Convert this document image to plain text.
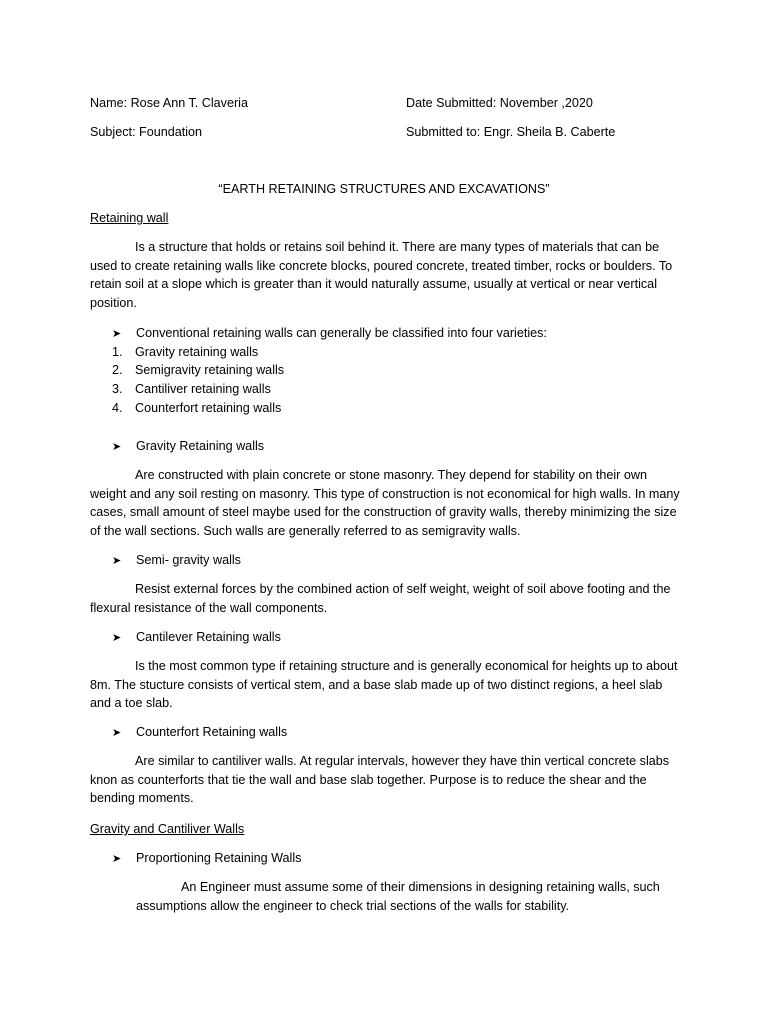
Name: Rose Ann T. Claveria	Date Submitted: November ,2020
Subject: Foundation	Submitted to: Engr. Sheila B. Caberte
“EARTH RETAINING STRUCTURES AND EXCAVATIONS”
Retaining wall
Is a structure that holds or retains soil behind it. There are many types of materials that can be used to create retaining walls like concrete blocks, poured concrete, treated timber, rocks or boulders. To retain soil at a slope which is greater than it would naturally assume, usually at vertical or near vertical position.
➤ Conventional retaining walls can generally be classified into four varieties:
1. Gravity retaining walls
2. Semigravity retaining walls
3. Cantiliver retaining walls
4. Counterfort retaining walls
➤ Gravity Retaining walls
Are constructed with plain concrete or stone masonry. They depend for stability on their own weight and any soil resting on masonry. This type of construction is not economical for high walls. In many cases, small amount of steel maybe used for the construction of gravity walls, thereby minimizing the size of the wall sections. Such walls are generally referred to as semigravity walls.
➤ Semi- gravity walls
Resist external forces by the combined action of self weight, weight of soil above footing and the flexural resistance of the wall components.
➤ Cantilever Retaining walls
Is the most common type if retaining structure and is generally economical for heights up to about 8m. The stucture consists of vertical stem, and a base slab made up of two distinct regions, a heel slab and a toe slab.
➤ Counterfort Retaining walls
Are similar to cantiliver walls. At regular intervals, however they have thin vertical concrete slabs knon as counterforts that tie the wall and base slab together. Purpose is to reduce the shear and the bending moments.
Gravity and Cantiliver Walls
➤ Proportioning Retaining Walls
An Engineer must assume some of their dimensions in designing retaining walls, such assumptions allow the engineer to check trial sections of the walls for stability.
